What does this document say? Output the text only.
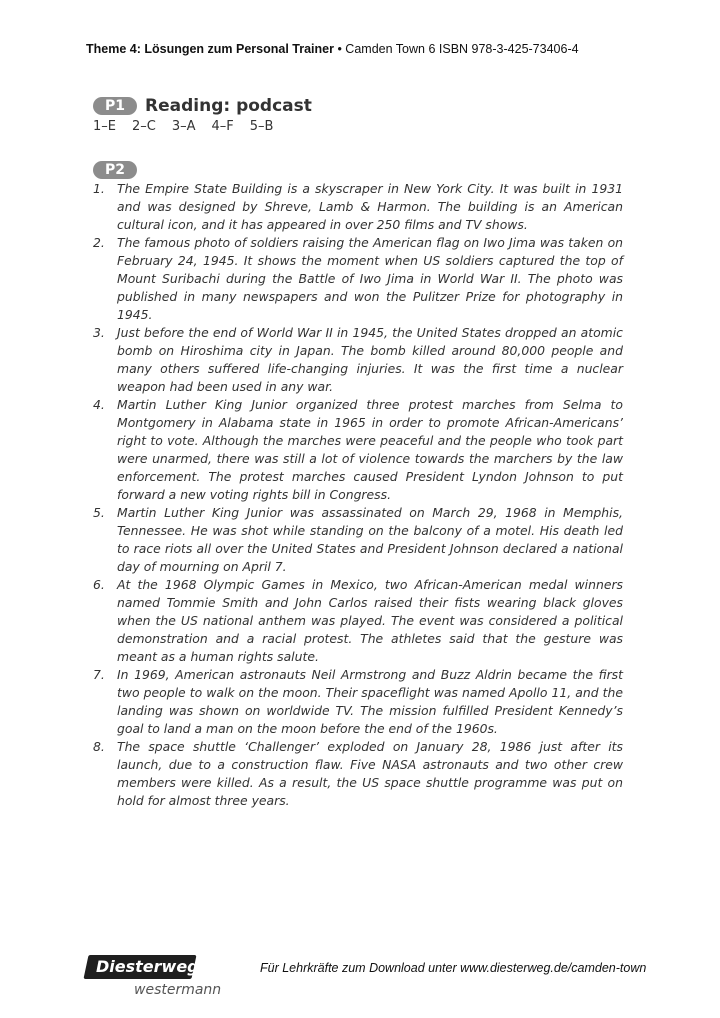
Theme 4: Lösungen zum Personal Trainer • Camden Town 6 ISBN 978-3-425-73406-4
P1	Reading: podcast
1–E 2–C 3–A 4–F 5–B
P2
1. The Empire State Building is a skyscraper in New York City. It was built in 1931 and was designed by Shreve, Lamb & Harmon. The building is an American cultural icon, and it has appeared in over 250 films and TV shows.
2. The famous photo of soldiers raising the American flag on Iwo Jima was taken on February 24, 1945. It shows the moment when US soldiers captured the top of Mount Suribachi during the Battle of Iwo Jima in World War II. The photo was published in many newspapers and won the Pulitzer Prize for photography in 1945.
3. Just before the end of World War II in 1945, the United States dropped an atomic bomb on Hiroshima city in Japan. The bomb killed around 80,000 people and many others suffered life-changing injuries. It was the first time a nuclear weapon had been used in any war.
4. Martin Luther King Junior organized three protest marches from Selma to Montgomery in Alabama state in 1965 in order to promote African-Americans’ right to vote. Although the marches were peaceful and the people who took part were unarmed, there was still a lot of violence towards the marchers by the law enforcement. The protest marches caused President Lyndon Johnson to put forward a new voting rights bill in Congress.
5. Martin Luther King Junior was assassinated on March 29, 1968 in Memphis, Tennessee. He was shot while standing on the balcony of a motel. His death led to race riots all over the United States and President Johnson declared a national day of mourning on April 7.
6. At the 1968 Olympic Games in Mexico, two African-American medal winners named Tommie Smith and John Carlos raised their fists wearing black gloves when the US national anthem was played. The event was considered a political demonstration and a racial protest. The athletes said that the gesture was meant as a human rights salute.
7. In 1969, American astronauts Neil Armstrong and Buzz Aldrin became the first two people to walk on the moon. Their spaceflight was named Apollo 11, and the landing was shown on worldwide TV. The mission fulfilled President Kennedy’s goal to land a man on the moon before the end of the 1960s.
8. The space shuttle ‘Challenger’ exploded on January 28, 1986 just after its launch, due to a construction flaw. Five NASA astronauts and two other crew members were killed. As a result, the US space shuttle programme was put on hold for almost three years.
Diesterweg
westermann
Für Lehrkräfte zum Download unter www.diesterweg.de/camden-town
